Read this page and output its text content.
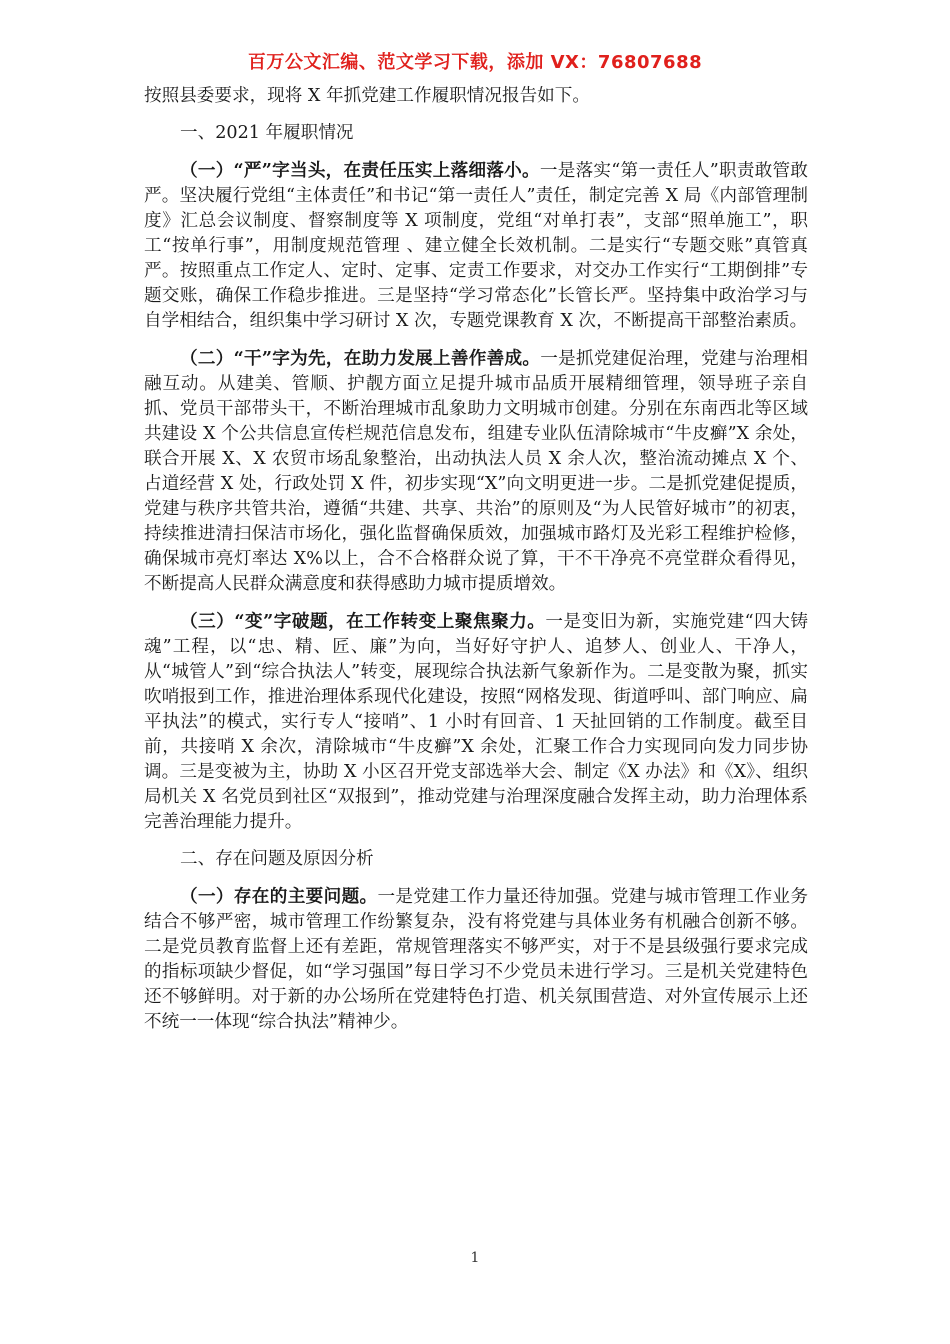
百万公文汇编、范文学习下载，添加 VX：76807688

按照县委要求，现将 X 年抓党建工作履职情况报告如下。

一、2021 年履职情况

（一）“严”字当头，在责任压实上落细落小。一是落实“第一责任人”职责敢管敢严。坚决履行党组“主体责任”和书记“第一责任人”责任，制定完善 X 局《内部管理制度》汇总会议制度、督察制度等 X 项制度，党组“对单打表”，支部“照单施工”，职工“按单行事”，用制度规范管理 、建立健全长效机制。二是实行“专题交账”真管真严。按照重点工作定人、定时、定事、定责工作要求，对交办工作实行“工期倒排”专题交账，确保工作稳步推进。三是坚持“学习常态化”长管长严。坚持集中政治学习与自学相结合，组织集中学习研讨 X 次，专题党课教育 X 次，不断提高干部整治素质。

（二）“干”字为先，在助力发展上善作善成。一是抓党建促治理，党建与治理相融互动。从建美、管顺、护靓方面立足提升城市品质开展精细管理，领导班子亲自抓、党员干部带头干，不断治理城市乱象助力文明城市创建。分别在东南西北等区域共建设 X 个公共信息宣传栏规范信息发布，组建专业队伍清除城市“牛皮癣”X 余处，联合开展 X、X 农贸市场乱象整治，出动执法人员 X 余人次，整治流动摊点 X 个、占道经营 X 处，行政处罚 X 件，初步实现“X”向文明更进一步。二是抓党建促提质，党建与秩序共管共治，遵循“共建、共享、共治”的原则及“为人民管好城市”的初衷，持续推进清扫保洁市场化，强化监督确保质效，加强城市路灯及光彩工程维护检修，确保城市亮灯率达 X%以上，合不合格群众说了算，干不干净亮不亮堂群众看得见，不断提高人民群众满意度和获得感助力城市提质增效。

（三）“变”字破题，在工作转变上聚焦聚力。一是变旧为新，实施党建“四大铸魂”工程，以“忠、精、匠、廉”为向，当好好守护人、追梦人、创业人、干净人，从“城管人”到“综合执法人”转变，展现综合执法新气象新作为。二是变散为聚，抓实吹哨报到工作，推进治理体系现代化建设，按照“网格发现、街道呼叫、部门响应、扁平执法”的模式，实行专人“接哨”、1 小时有回音、1 天扯回销的工作制度。截至目前，共接哨 X 余次，清除城市“牛皮癣”X 余处，汇聚工作合力实现同向发力同步协调。三是变被为主，协助 X 小区召开党支部选举大会、制定《X 办法》和《X》、组织局机关 X 名党员到社区“双报到”，推动党建与治理深度融合发挥主动，助力治理体系完善治理能力提升。

二、存在问题及原因分析

（一）存在的主要问题。一是党建工作力量还待加强。党建与城市管理工作业务结合不够严密，城市管理工作纷繁复杂，没有将党建与具体业务有机融合创新不够。二是党员教育监督上还有差距，常规管理落实不够严实，对于不是县级强行要求完成的指标项缺少督促，如“学习强国”每日学习不少党员未进行学习。三是机关党建特色还不够鲜明。对于新的办公场所在党建特色打造、机关氛围营造、对外宣传展示上还不统一一体现“综合执法”精神少。

1
